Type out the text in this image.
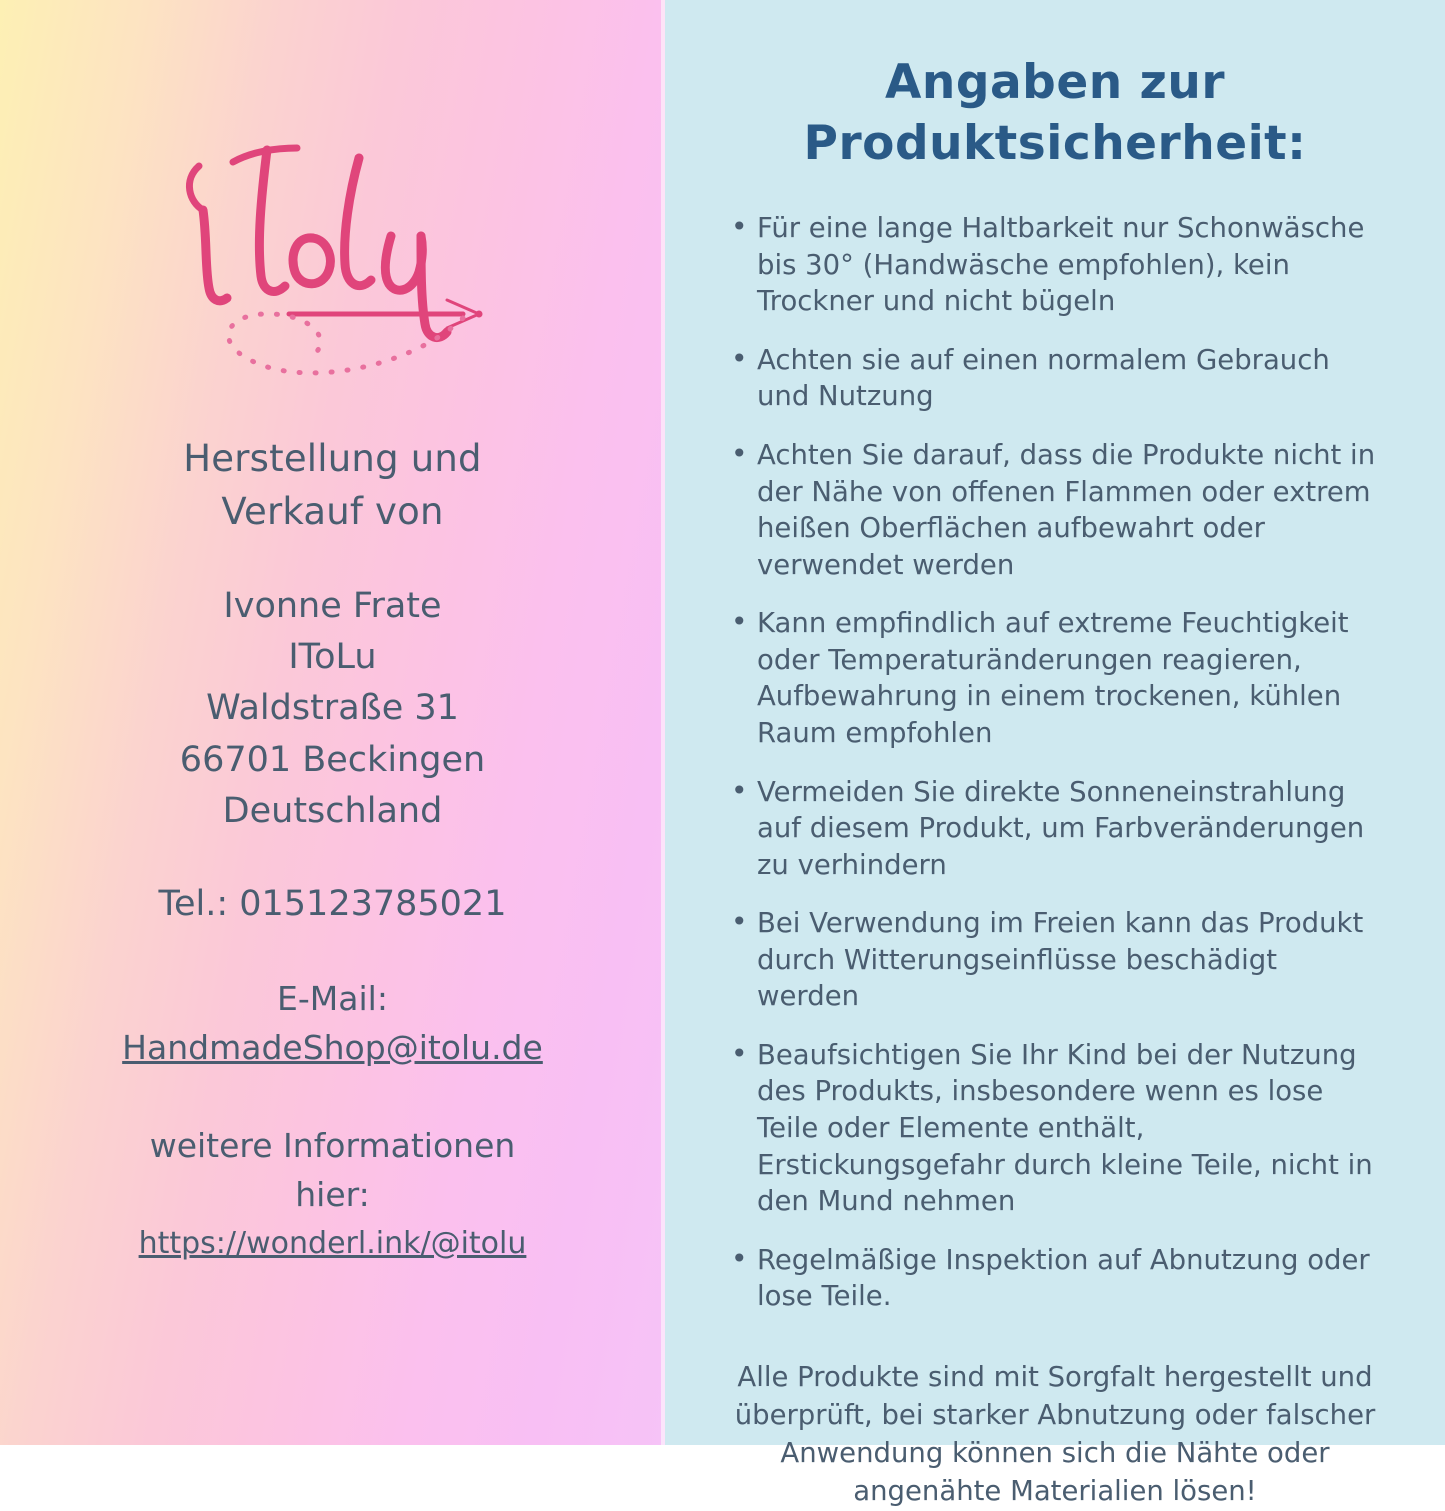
Herstellung und
Verkauf von
Ivonne Frate
IToLu
Waldstraße 31
66701 Beckingen
Deutschland
Tel.: 015123785021
E-Mail:
HandmadeShop@itolu.de
weitere Informationen
hier:
https://wonderl.ink/@itolu
Angaben zur
Produktsicherheit:
• Für eine lange Haltbarkeit nur Schonwäsche bis 30° (Handwäsche empfohlen), kein Trockner und nicht bügeln
• Achten sie auf einen normalem Gebrauch und Nutzung
• Achten Sie darauf, dass die Produkte nicht in der Nähe von offenen Flammen oder extrem heißen Oberflächen aufbewahrt oder verwendet werden
• Kann empfindlich auf extreme Feuchtigkeit oder Temperaturänderungen reagieren, Aufbewahrung in einem trockenen, kühlen Raum empfohlen
• Vermeiden Sie direkte Sonneneinstrahlung auf diesem Produkt, um Farbveränderungen zu verhindern
• Bei Verwendung im Freien kann das Produkt durch Witterungseinflüsse beschädigt werden
• Beaufsichtigen Sie Ihr Kind bei der Nutzung des Produkts, insbesondere wenn es lose Teile oder Elemente enthält, Erstickungsgefahr durch kleine Teile, nicht in den Mund nehmen
• Regelmäßige Inspektion auf Abnutzung oder lose Teile.
Alle Produkte sind mit Sorgfalt hergestellt und überprüft, bei starker Abnutzung oder falscher Anwendung können sich die Nähte oder angenähte Materialien lösen!
